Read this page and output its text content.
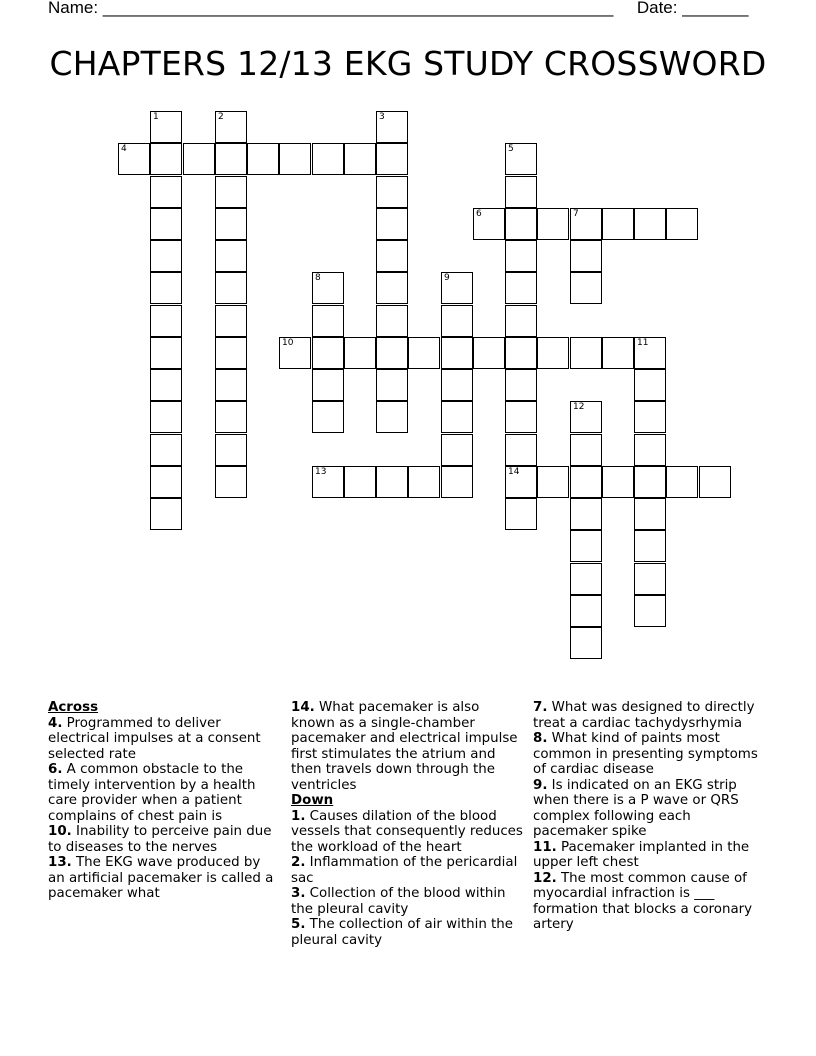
Name: ______________________________________________________ Date: _______
CHAPTERS 12/13 EKG STUDY CROSSWORD
1	2	3
4	5
14
6	7
8	9
10	11
12
13
Across

4. Programmed to deliver electrical impulses at a consent selected rate

6. A common obstacle to the timely intervention by a health care provider when a patient complains of chest pain is

10. Inability to perceive pain due to diseases to the nerves

13. The EKG wave produced by an artificial pacemaker is called a pacemaker what

14. What pacemaker is also known as a single-chamber pacemaker and electrical impulse first stimulates the atrium and then travels down through the ventricles

Down

1. Causes dilation of the blood vessels that consequently reduces the workload of the heart

2. Inflammation of the pericardial sac

3. Collection of the blood within the pleural cavity

5. The collection of air within the pleural cavity

7. What was designed to directly treat a cardiac tachydysrhymia

8. What kind of paints most common in presenting symptoms of cardiac disease

9. Is indicated on an EKG strip when there is a P wave or QRS complex following each pacemaker spike

11. Pacemaker implanted in the upper left chest

12. The most common cause of myocardial infraction is ___ formation that blocks a coronary artery
